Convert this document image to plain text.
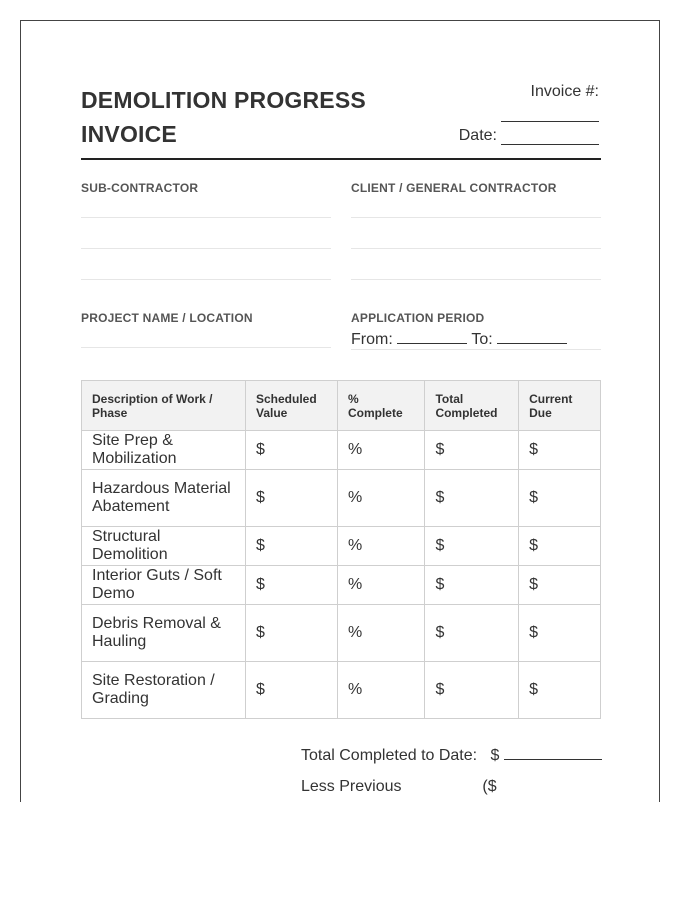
DEMOLITION PROGRESS
INVOICE
Invoice #:
Date:
SUB-CONTRACTOR	CLIENT / GENERAL CONTRACTOR
PROJECT NAME / LOCATION	APPLICATION PERIOD
From:	To:
Description of Work / Phase	Scheduled Value	% Complete	Total Completed	Current Due
Site Prep & Mobilization	$	%	$	$
Hazardous Material Abatement	$	%	$	$
Structural Demolition	$	%	$	$
Interior Guts / Soft Demo	$	%	$	$
Debris Removal & Hauling	$	%	$	$
Site Restoration / Grading	$	%	$	$
Total Completed to Date: $
Less Previous	($
